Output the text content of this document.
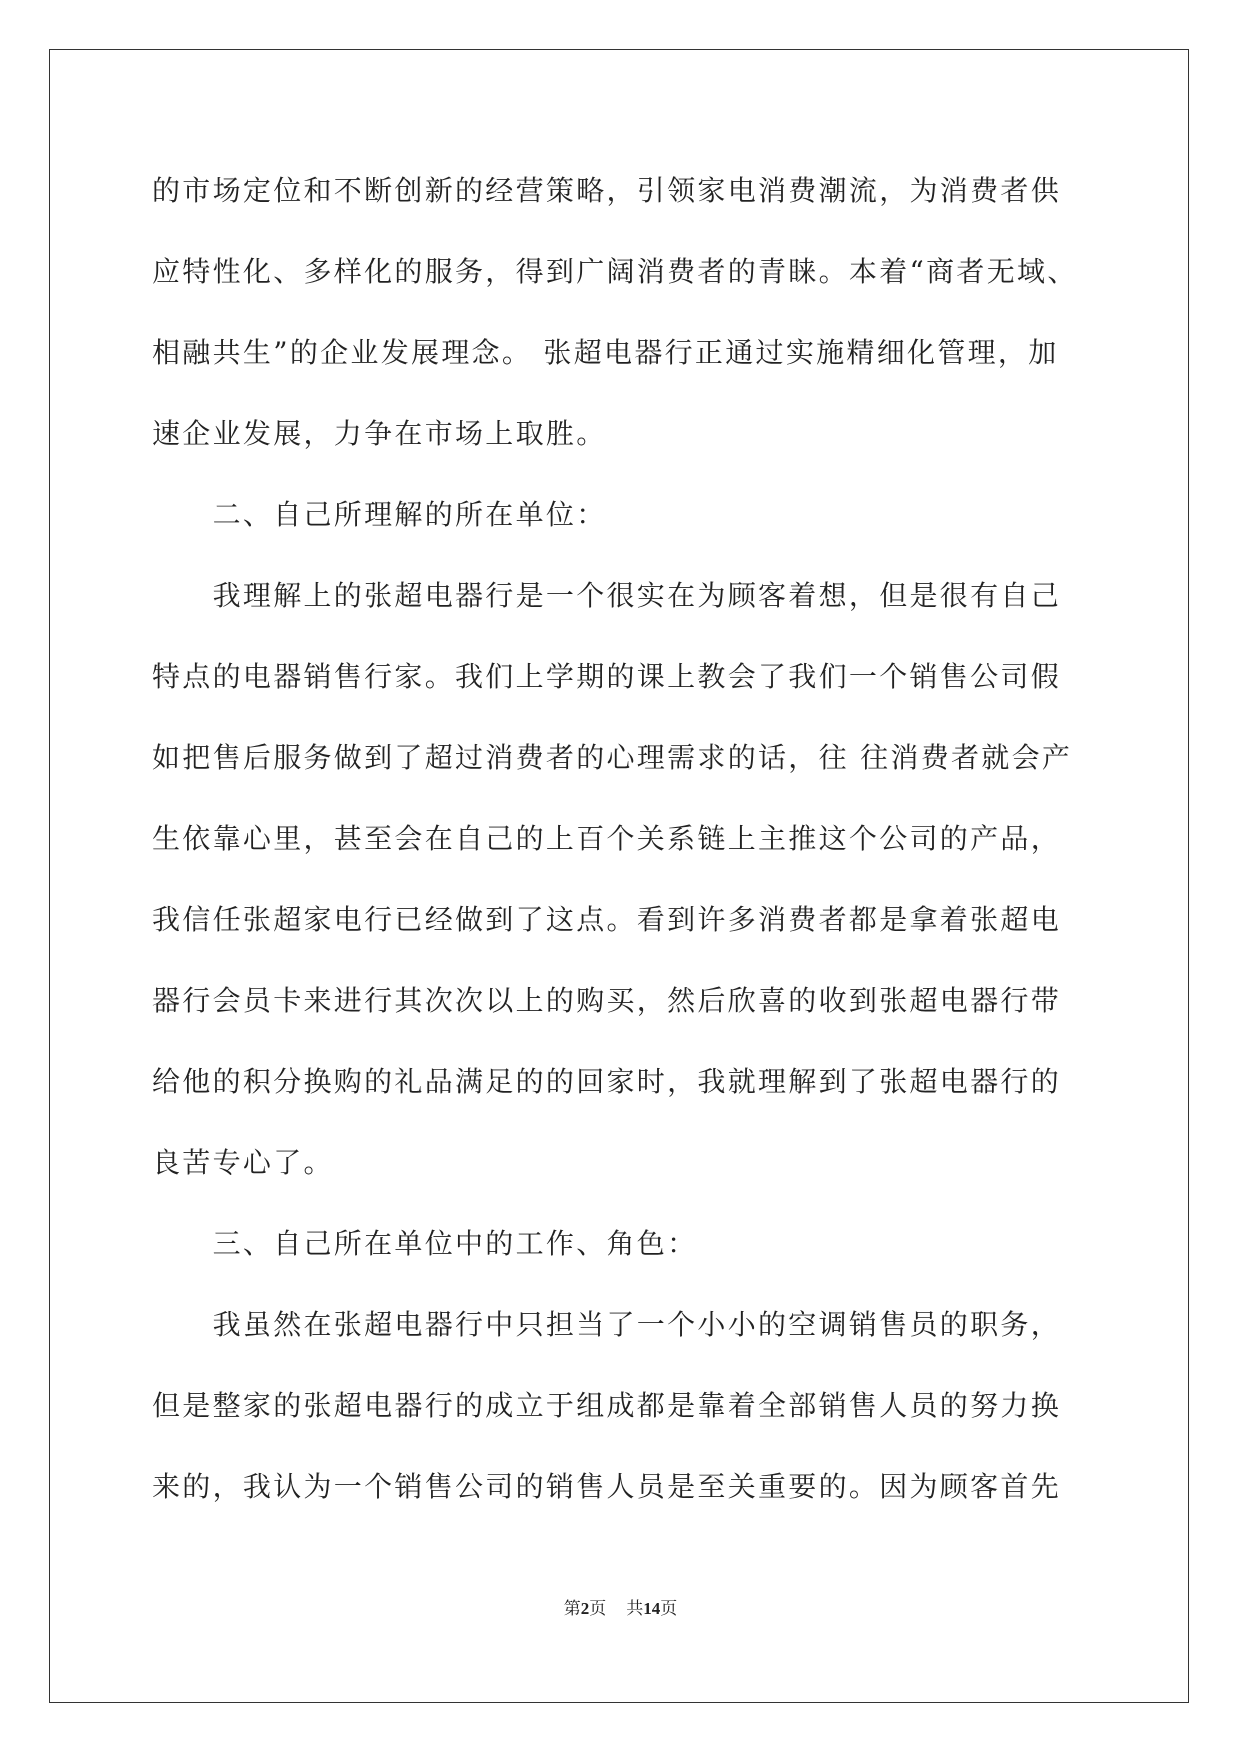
的市场定位和不断创新的经营策略，引领家电消费潮流，为消费者供

应特性化、多样化的服务，得到广阔消费者的青睐。本着“商者无域、

相融共生”的企业发展理念。 张超电器行正通过实施精细化管理，加

速企业发展，力争在市场上取胜。

　　二、自己所理解的所在单位：

　　我理解上的张超电器行是一个很实在为顾客着想，但是很有自己

特点的电器销售行家。我们上学期的课上教会了我们一个销售公司假

如把售后服务做到了超过消费者的心理需求的话，往 往消费者就会产

生依靠心里，甚至会在自己的上百个关系链上主推这个公司的产品，

我信任张超家电行已经做到了这点。看到许多消费者都是拿着张超电

器行会员卡来进行其次次以上的购买，然后欣喜的收到张超电器行带

给他的积分换购的礼品满足的的回家时，我就理解到了张超电器行的

良苦专心了。

　　三、自己所在单位中的工作、角色：

　　我虽然在张超电器行中只担当了一个小小的空调销售员的职务，

但是整家的张超电器行的成立于组成都是靠着全部销售人员的努力换

来的，我认为一个销售公司的销售人员是至关重要的。因为顾客首先

第2页 共14页
